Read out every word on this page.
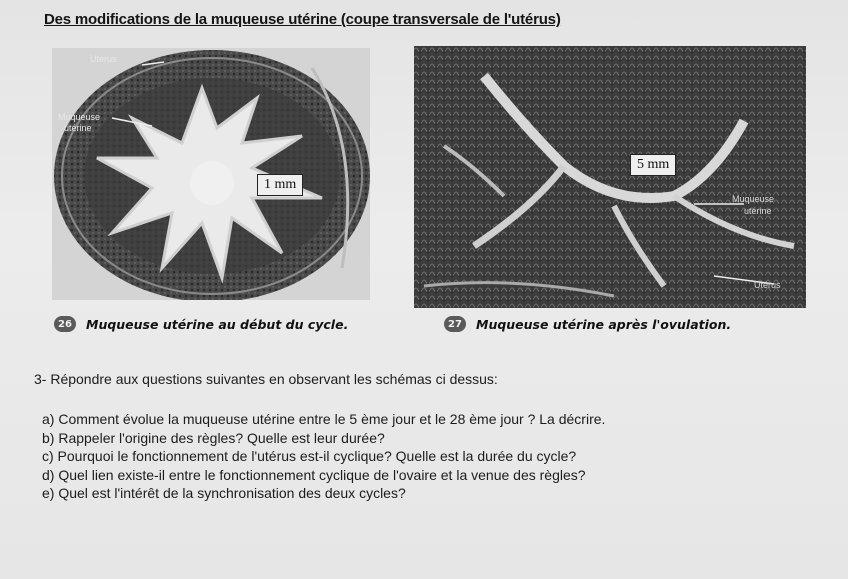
Des modifications de la muqueuse utérine (coupe transversale de l'utérus)
Utérus
Muqueuse
utérine
1 mm
26	Muqueuse utérine au début du cycle.
5 mm
Muqueuse
utérine
Utérus
27	Muqueuse utérine après l'ovulation.
3- Répondre aux questions suivantes en observant les schémas ci dessus:
a) Comment évolue la muqueuse utérine entre le 5 ème jour et le 28 ème jour ? La décrire.
b) Rappeler l'origine des règles? Quelle est leur durée?
c) Pourquoi le fonctionnement de l'utérus est-il cyclique? Quelle est la durée du cycle?
d) Quel lien existe-il entre le fonctionnement cyclique de l'ovaire et la venue des règles?
e) Quel est l'intérêt de la synchronisation des deux cycles?
